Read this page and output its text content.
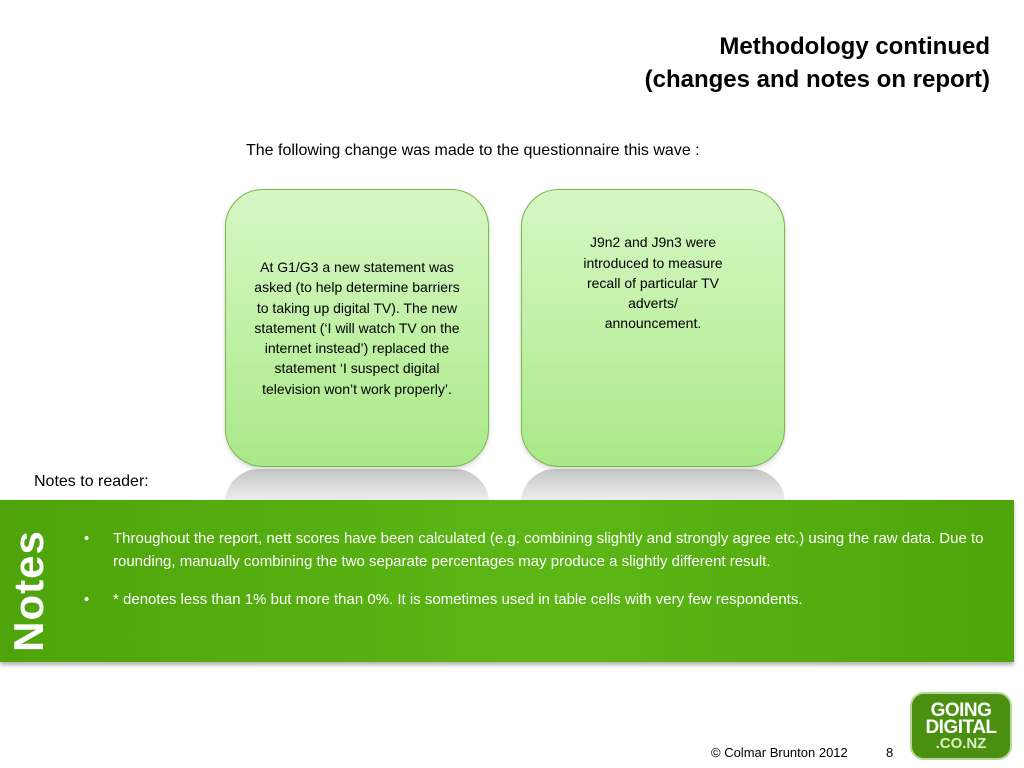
Methodology continued
(changes and notes on report)
The following change was made to the questionnaire this wave :
At G1/G3 a new statement was asked (to help determine barriers to taking up digital TV). The new statement (‘I will watch TV on the internet instead’) replaced the statement ‘I suspect digital television won’t work properly’.
J9n2 and J9n3 were introduced to measure recall of particular TV adverts/ announcement.
Notes to reader:
Notes • Throughout the report, nett scores have been calculated (e.g. combining slightly and strongly agree etc.) using the raw data. Due to rounding, manually combining the two separate percentages may produce a slightly different result.
• * denotes less than 1% but more than 0%. It is sometimes used in table cells with very few respondents.
© Colmar Brunton 2012	8
GOING
DIGITAL
.CO.NZ
